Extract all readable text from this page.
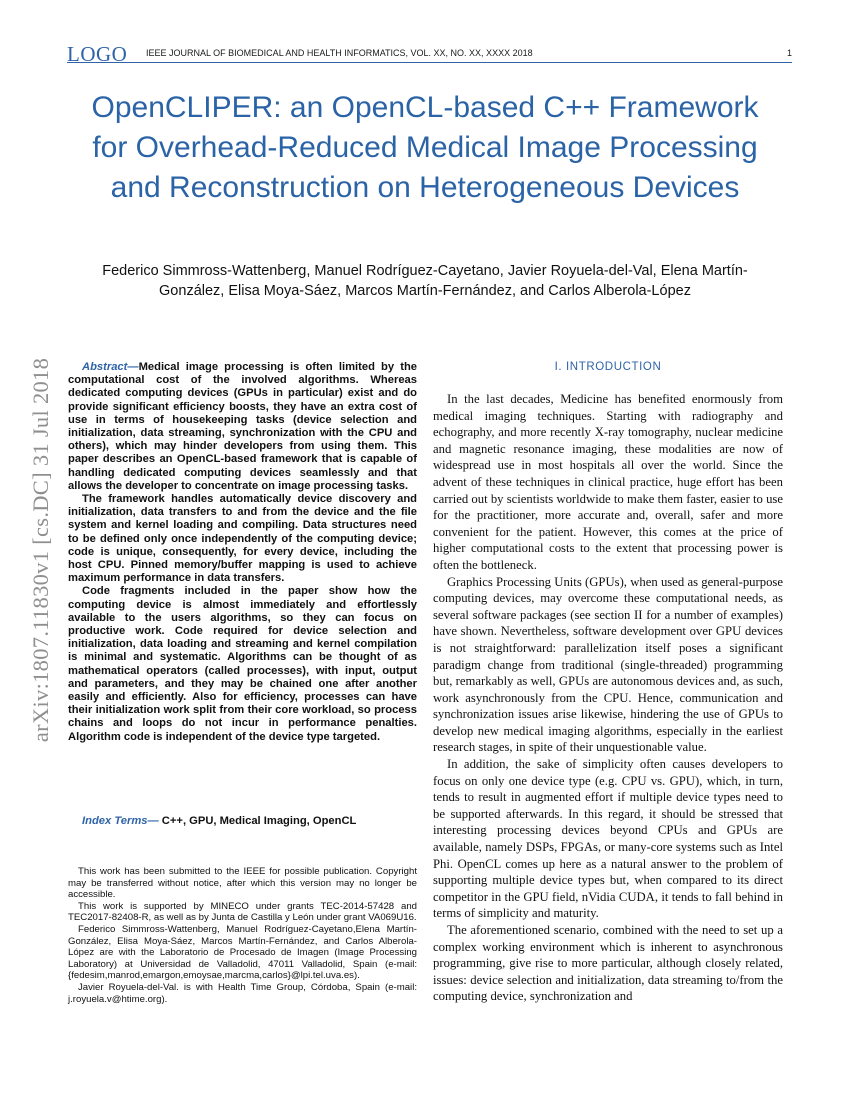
LOGO IEEE JOURNAL OF BIOMEDICAL AND HEALTH INFORMATICS, VOL. XX, NO. XX, XXXX 2018	1
OpenCLIPER: an OpenCL-based C++ Framework for Overhead-Reduced Medical Image Processing and Reconstruction on Heterogeneous Devices
Federico Simmross-Wattenberg, Manuel Rodríguez-Cayetano, Javier Royuela-del-Val, Elena Martín-González, Elisa Moya-Sáez, Marcos Martín-Fernández, and Carlos Alberola-López
arXiv:1807.11830v1 [cs.DC] 31 Jul 2018	Abstract—Medical image processing is often limited by the computational cost of the involved algorithms. Whereas dedicated computing devices (GPUs in particular) exist and do provide significant efficiency boosts, they have an extra cost of use in terms of housekeeping tasks (device selection and initialization, data streaming, synchronization with the CPU and others), which may hinder developers from using them. This paper describes an OpenCL-based framework that is capable of handling dedicated computing devices seamlessly and that allows the developer to concentrate on image processing tasks.

The framework handles automatically device discovery and initialization, data transfers to and from the device and the file system and kernel loading and compiling. Data structures need to be defined only once independently of the computing device; code is unique, consequently, for every device, including the host CPU. Pinned memory/buffer mapping is used to achieve maximum performance in data transfers.

Code fragments included in the paper show how the computing device is almost immediately and effortlessly available to the users algorithms, so they can focus on productive work. Code required for device selection and initialization, data loading and streaming and kernel compilation is minimal and systematic. Algorithms can be thought of as mathematical operators (called processes), with input, output and parameters, and they may be chained one after another easily and efficiently. Also for efficiency, processes can have their initialization work split from their core workload, so process chains and loops do not incur in performance penalties. Algorithm code is independent of the device type targeted.

Index Terms— C++, GPU, Medical Imaging, OpenCL

This work has been submitted to the IEEE for possible publication. Copyright may be transferred without notice, after which this version may no longer be accessible.

This work is supported by MINECO under grants TEC-2014-57428 and TEC2017-82408-R, as well as by Junta de Castilla y León under grant VA069U16.

Federico Simmross-Wattenberg, Manuel Rodríguez-Cayetano,Elena Martín-González, Elisa Moya-Sáez, Marcos Martín-Fernández, and Carlos Alberola-López are with the Laboratorio de Procesado de Imagen (Image Processing Laboratory) at Universidad de Valladolid, 47011 Valladolid, Spain (e-mail: {fedesim,manrod,emargon,emoysae,marcma,carlos}@lpi.tel.uva.es).

Javier Royuela-del-Val. is with Health Time Group, Córdoba, Spain (e-mail: j.royuela.v@htime.org).

I. INTRODUCTION

In the last decades, Medicine has benefited enormously from medical imaging techniques. Starting with radiography and echography, and more recently X-ray tomography, nuclear medicine and magnetic resonance imaging, these modalities are now of widespread use in most hospitals all over the world. Since the advent of these techniques in clinical practice, huge effort has been carried out by scientists worldwide to make them faster, easier to use for the practitioner, more accurate and, overall, safer and more convenient for the patient. However, this comes at the price of higher computational costs to the extent that processing power is often the bottleneck.

Graphics Processing Units (GPUs), when used as general-purpose computing devices, may overcome these computational needs, as several software packages (see section II for a number of examples) have shown. Nevertheless, software development over GPU devices is not straightforward: parallelization itself poses a significant paradigm change from traditional (single-threaded) programming but, remarkably as well, GPUs are autonomous devices and, as such, work asynchronously from the CPU. Hence, communication and synchronization issues arise likewise, hindering the use of GPUs to develop new medical imaging algorithms, especially in the earliest research stages, in spite of their unquestionable value.

In addition, the sake of simplicity often causes developers to focus on only one device type (e.g. CPU vs. GPU), which, in turn, tends to result in augmented effort if multiple device types need to be supported afterwards. In this regard, it should be stressed that interesting processing devices beyond CPUs and GPUs are available, namely DSPs, FPGAs, or many-core systems such as Intel Phi. OpenCL comes up here as a natural answer to the problem of supporting multiple device types but, when compared to its direct competitor in the GPU field, nVidia CUDA, it tends to fall behind in terms of simplicity and maturity.

The aforementioned scenario, combined with the need to set up a complex working environment which is inherent to asynchronous programming, give rise to more particular, although closely related, issues: device selection and initialization, data streaming to/from the computing device, synchronization and
